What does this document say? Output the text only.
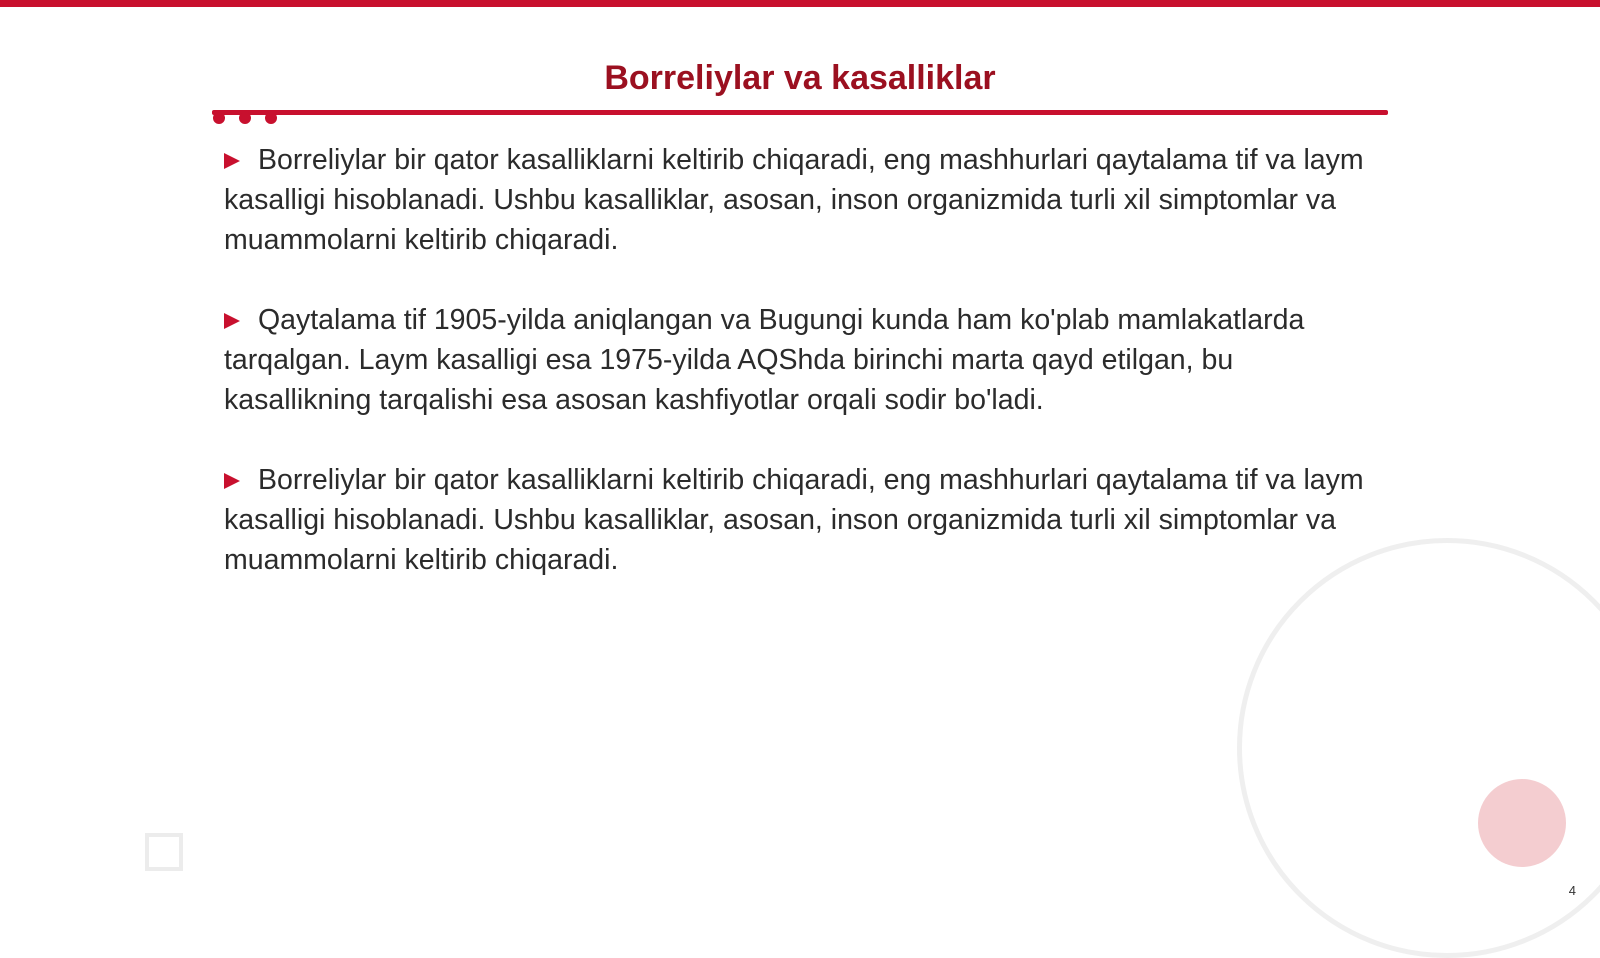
Borreliylar va kasalliklar

Borreliylar bir qator kasalliklarni keltirib chiqaradi, eng mashhurlari qaytalama tif va laym kasalligi hisoblanadi. Ushbu kasalliklar, asosan, inson organizmida turli xil simptomlar va muammolarni keltirib chiqaradi.

Qaytalama tif 1905-yilda aniqlangan va Bugungi kunda ham ko'plab mamlakatlarda tarqalgan. Laym kasalligi esa 1975-yilda AQShda birinchi marta qayd etilgan, bu kasallikning tarqalishi esa asosan kashfiyotlar orqali sodir bo'ladi.

Borreliylar bir qator kasalliklarni keltirib chiqaradi, eng mashhurlari qaytalama tif va laym kasalligi hisoblanadi. Ushbu kasalliklar, asosan, inson organizmida turli xil simptomlar va muammolarni keltirib chiqaradi.

4
